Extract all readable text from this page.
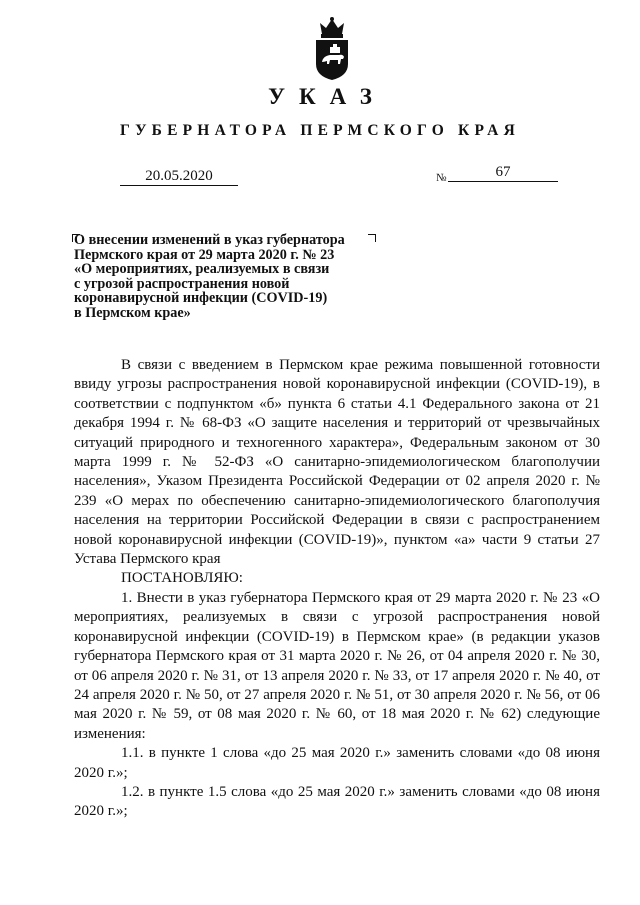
УКАЗ
ГУБЕРНАТОРА ПЕРМСКОГО КРАЯ
20.05.2020	№	67
О внесении изменений в указ губернатора
Пермского края от 29 марта 2020 г. № 23
«О мероприятиях, реализуемых в связи
с угрозой распространения новой
коронавирусной инфекции (COVID-19)
в Пермском крае»

В связи с введением в Пермском крае режима повышенной готовности ввиду угрозы распространения новой коронавирусной инфекции (COVID-19), в соответствии с подпунктом «б» пункта 6 статьи 4.1 Федерального закона от 21 декабря 1994 г. № 68-ФЗ «О защите населения и территорий от чрезвычайных ситуаций природного и техногенного характера», Федеральным законом от 30 марта 1999 г. № 52-ФЗ «О санитарно-эпидемиологическом благополучии населения», Указом Президента Российской Федерации от 02 апреля 2020 г. № 239 «О мерах по обеспечению санитарно-эпидемиологического благополучия населения на территории Российской Федерации в связи с распространением новой коронавирусной инфекции (COVID-19)», пунктом «а» части 9 статьи 27 Устава Пермского края

ПОСТАНОВЛЯЮ:

1. Внести в указ губернатора Пермского края от 29 марта 2020 г. № 23 «О мероприятиях, реализуемых в связи с угрозой распространения новой коронавирусной инфекции (COVID-19) в Пермском крае» (в редакции указов губернатора Пермского края от 31 марта 2020 г. № 26, от 04 апреля 2020 г. № 30, от 06 апреля 2020 г. № 31, от 13 апреля 2020 г. № 33, от 17 апреля 2020 г. № 40, от 24 апреля 2020 г. № 50, от 27 апреля 2020 г. № 51, от 30 апреля 2020 г. № 56, от 06 мая 2020 г. № 59, от 08 мая 2020 г. № 60, от 18 мая 2020 г. № 62) следующие изменения:

1.1. в пункте 1 слова «до 25 мая 2020 г.» заменить словами «до 08 июня 2020 г.»;

1.2. в пункте 1.5 слова «до 25 мая 2020 г.» заменить словами «до 08 июня 2020 г.»;
